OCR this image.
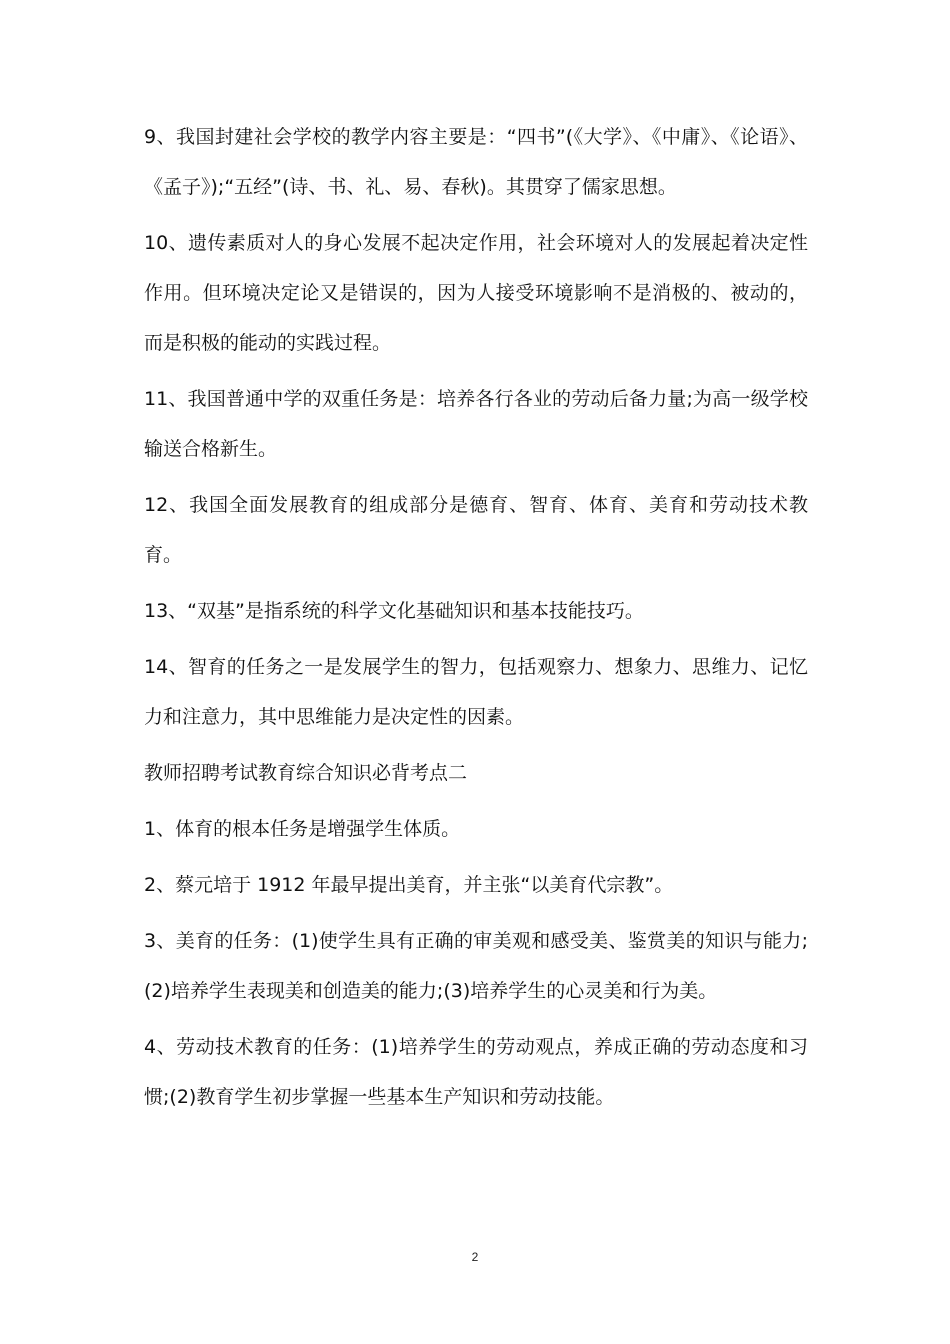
9、我国封建社会学校的教学内容主要是：“四书”(《大学》、《中庸》、《论语》、《孟子》);“五经”(诗、书、礼、易、春秋)。其贯穿了儒家思想。

10、遗传素质对人的身心发展不起决定作用，社会环境对人的发展起着决定性作用。但环境决定论又是错误的，因为人接受环境影响不是消极的、被动的，而是积极的能动的实践过程。

11、我国普通中学的双重任务是：培养各行各业的劳动后备力量;为高一级学校输送合格新生。

12、我国全面发展教育的组成部分是德育、智育、体育、美育和劳动技术教育。

13、“双基”是指系统的科学文化基础知识和基本技能技巧。

14、智育的任务之一是发展学生的智力，包括观察力、想象力、思维力、记忆力和注意力，其中思维能力是决定性的因素。

教师招聘考试教育综合知识必背考点二

1、体育的根本任务是增强学生体质。

2、蔡元培于 1912 年最早提出美育，并主张“以美育代宗教”。

3、美育的任务：(1)使学生具有正确的审美观和感受美、鉴赏美的知识与能力;(2)培养学生表现美和创造美的能力;(3)培养学生的心灵美和行为美。

4、劳动技术教育的任务：(1)培养学生的劳动观点，养成正确的劳动态度和习惯;(2)教育学生初步掌握一些基本生产知识和劳动技能。

2
